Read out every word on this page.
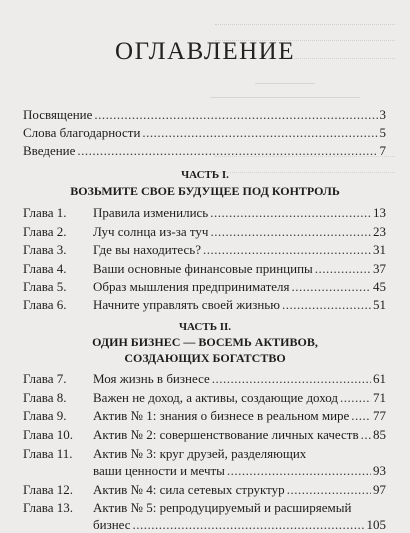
ОГЛАВЛЕНИЕ
Посвящение .....	3
Слова благодарности .....	5
Введение .....	7
ЧАСТЬ I.
ВОЗЬМИТЕ СВОЕ БУДУЩЕЕ ПОД КОНТРОЛЬ
Глава 1.	Правила изменились .....	13
Глава 2.	Луч солнца из-за туч .....	23
Глава 3.	Где вы находитесь? .....	31
Глава 4.	Ваши основные финансовые принципы .....	37
Глава 5.	Образ мышления предпринимателя .....	45
Глава 6.	Начните управлять своей жизнью .....	51
ЧАСТЬ II.
ОДИН БИЗНЕС — ВОСЕМЬ АКТИВОВ,
СОЗДАЮЩИХ БОГАТСТВО
Глава 7.	Моя жизнь в бизнесе .....	61
Глава 8.	Важен не доход, а активы, создающие доход .....	71
Глава 9.	Актив № 1: знания о бизнесе в реальном мире ..... 77
Глава 10.	Актив № 2: совершенствование личных качеств ..... 85
Глава 11.	Актив № 3: круг друзей, разделяющих
ваши ценности и мечты .....	93
Глава 12.	Актив № 4: сила сетевых структур .....	97
Глава 13.	Актив № 5: репродуцируемый и расширяемый
бизнес .....	105
